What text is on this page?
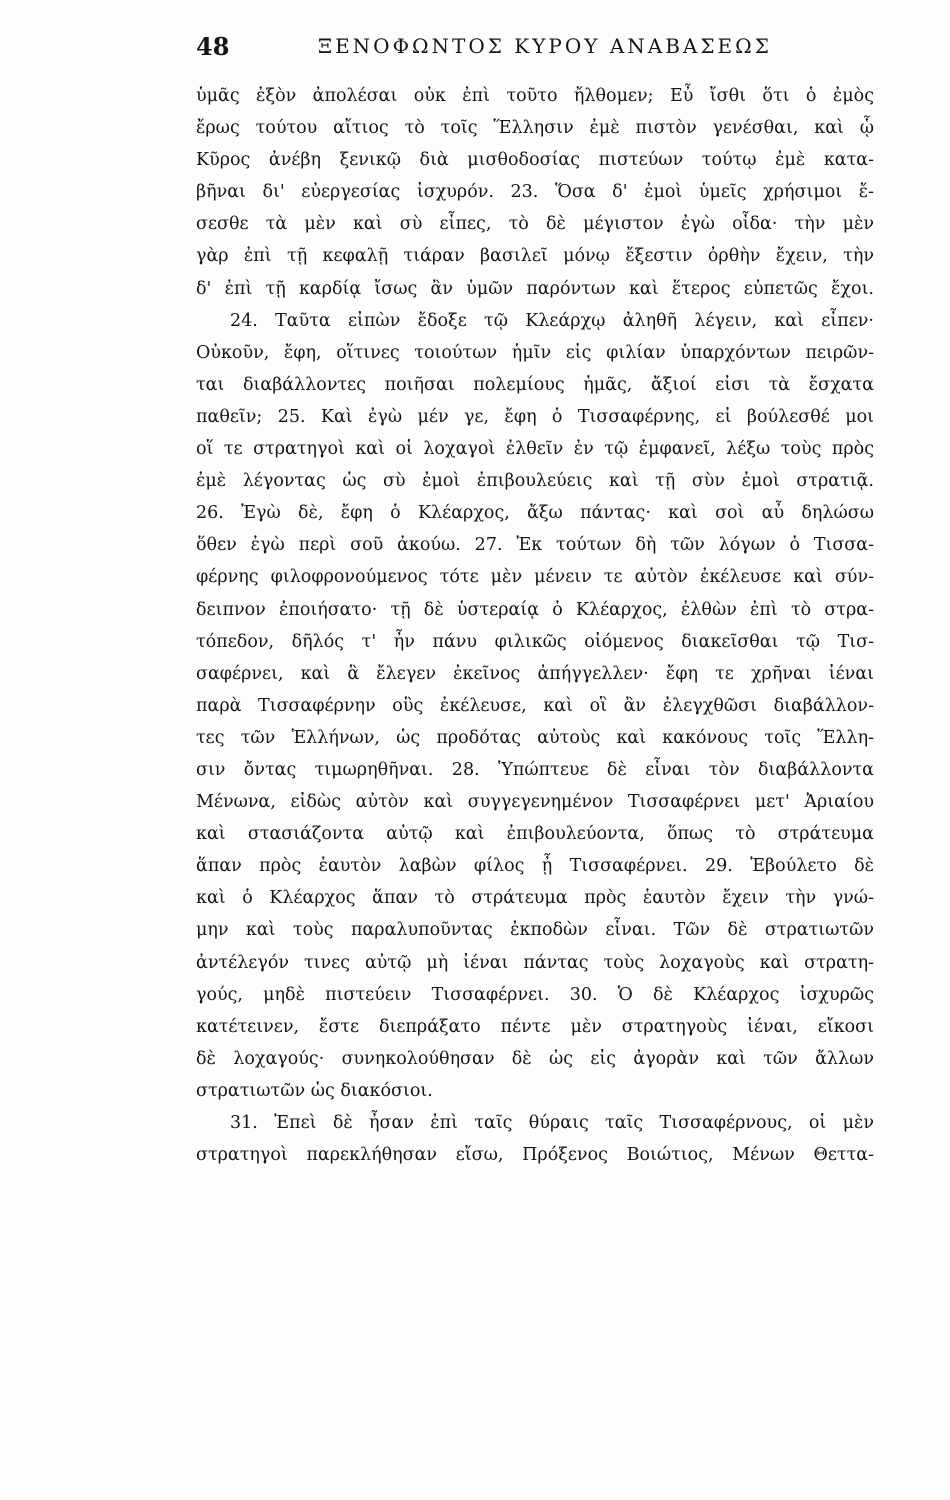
48	ΞΕΝΟΦΩΝΤΟΣ ΚΥΡΟΥ ΑΝΑΒΑΣΕΩΣ
ὑμᾶς ἐξὸν ἀπολέσαι οὐκ ἐπὶ τοῦτο ἤλθομεν; Εὖ ἴσθι ὅτι ὁ ἐμὸς
ἔρως τούτου αἴτιος τὸ τοῖς Ἕλλησιν ἐμὲ πιστὸν γενέσθαι, καὶ ᾧ
Κῦρος ἀνέβη ξενικῷ διὰ μισθοδοσίας πιστεύων τούτῳ ἐμὲ κατα-
βῆναι δι' εὐεργεσίας ἰσχυρόν. 23. Ὅσα δ' ἐμοὶ ὑμεῖς χρήσιμοι ἔ-
σεσθε τὰ μὲν καὶ σὺ εἶπες, τὸ δὲ μέγιστον ἐγὼ οἶδα· τὴν μὲν
γὰρ ἐπὶ τῇ κεφαλῇ τιάραν βασιλεῖ μόνῳ ἔξεστιν ὀρθὴν ἔχειν, τὴν
δ' ἐπὶ τῇ καρδίᾳ ἴσως ἂν ὑμῶν παρόντων καὶ ἕτερος εὐπετῶς ἔχοι.
24. Ταῦτα εἰπὼν ἔδοξε τῷ Κλεάρχῳ ἀληθῆ λέγειν, καὶ εἶπεν·
Οὐκοῦν, ἔφη, οἵτινες τοιούτων ἡμῖν εἰς φιλίαν ὑπαρχόντων πειρῶν-
ται διαβάλλοντες ποιῆσαι πολεμίους ἡμᾶς, ἄξιοί εἰσι τὰ ἔσχατα
παθεῖν; 25. Καὶ ἐγὼ μέν γε, ἔφη ὁ Τισσαφέρνης, εἰ βούλεσθέ μοι
οἵ τε στρατηγοὶ καὶ οἱ λοχαγοὶ ἐλθεῖν ἐν τῷ ἐμφανεῖ, λέξω τοὺς πρὸς
ἐμὲ λέγοντας ὡς σὺ ἐμοὶ ἐπιβουλεύεις καὶ τῇ σὺν ἐμοὶ στρατιᾷ.
26. Ἐγὼ δὲ, ἔφη ὁ Κλέαρχος, ἄξω πάντας· καὶ σοὶ αὖ δηλώσω
ὅθεν ἐγὼ περὶ σοῦ ἀκούω. 27. Ἐκ τούτων δὴ τῶν λόγων ὁ Τισσα-
φέρνης φιλοφρονούμενος τότε μὲν μένειν τε αὐτὸν ἐκέλευσε καὶ σύν-
δειπνον ἐποιήσατο· τῇ δὲ ὑστεραίᾳ ὁ Κλέαρχος, ἐλθὼν ἐπὶ τὸ στρα-
τόπεδον, δῆλός τ' ἦν πάνυ φιλικῶς οἰόμενος διακεῖσθαι τῷ Τισ-
σαφέρνει, καὶ ἃ ἔλεγεν ἐκεῖνος ἀπήγγελλεν· ἔφη τε χρῆναι ἰέναι
παρὰ Τισσαφέρνην οὓς ἐκέλευσε, καὶ οἳ ἂν ἐλεγχθῶσι διαβάλλον-
τες τῶν Ἑλλήνων, ὡς προδότας αὐτοὺς καὶ κακόνους τοῖς Ἕλλη-
σιν ὄντας τιμωρηθῆναι. 28. Ὑπώπτευε δὲ εἶναι τὸν διαβάλλοντα
Μένωνα, εἰδὼς αὐτὸν καὶ συγγεγενημένον Τισσαφέρνει μετ' Ἀριαίου
καὶ στασιάζοντα αὐτῷ καὶ ἐπιβουλεύοντα, ὅπως τὸ στράτευμα
ἅπαν πρὸς ἑαυτὸν λαβὼν φίλος ᾖ Τισσαφέρνει. 29. Ἐβούλετο δὲ
καὶ ὁ Κλέαρχος ἅπαν τὸ στράτευμα πρὸς ἑαυτὸν ἔχειν τὴν γνώ-
μην καὶ τοὺς παραλυποῦντας ἐκποδὼν εἶναι. Τῶν δὲ στρατιωτῶν
ἀντέλεγόν τινες αὐτῷ μὴ ἰέναι πάντας τοὺς λοχαγοὺς καὶ στρατη-
γούς, μηδὲ πιστεύειν Τισσαφέρνει. 30. Ὁ δὲ Κλέαρχος ἰσχυρῶς
κατέτεινεν, ἔστε διεπράξατο πέντε μὲν στρατηγοὺς ἰέναι, εἴκοσι
δὲ λοχαγούς· συνηκολούθησαν δὲ ὡς εἰς ἀγορὰν καὶ τῶν ἄλλων
στρατιωτῶν ὡς διακόσιοι.
31. Ἐπεὶ δὲ ἦσαν ἐπὶ ταῖς θύραις ταῖς Τισσαφέρνους, οἱ μὲν
στρατηγοὶ παρεκλήθησαν εἴσω, Πρόξενος Βοιώτιος, Μένων Θεττα-
